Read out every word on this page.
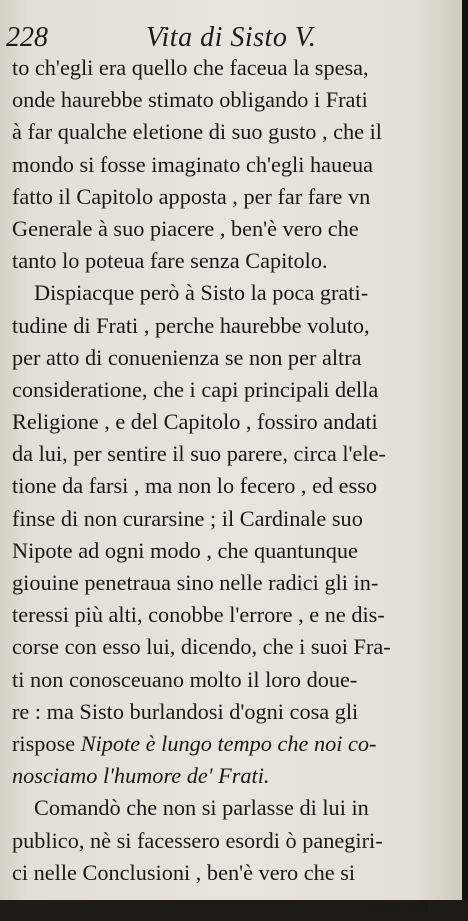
228	Vita di Sisto V.
to ch'egli era quello che faceua la spesa,
onde haurebbe stimato obligando i Frati
à far qualche eletione di suo gusto , che il
mondo si fosse imaginato ch'egli haueua
fatto il Capitolo apposta , per far fare vn
Generale à suo piacere , ben'è vero che
tanto lo poteua fare senza Capitolo.
Dispiacque però à Sisto la poca grati-
tudine di Frati , perche haurebbe voluto,
per atto di conuenienza se non per altra
consideratione, che i capi principali della
Religione , e del Capitolo , fossiro andati
da lui, per sentire il suo parere, circa l'ele-
tione da farsi , ma non lo fecero , ed esso
finse di non curarsine ; il Cardinale suo
Nipote ad ogni modo , che quantunque
giouine penetraua sino nelle radici gli in-
teressi più alti, conobbe l'errore , e ne dis-
corse con esso lui, dicendo, che i suoi Fra-
ti non conosceuano molto il loro doue-
re : ma Sisto burlandosi d'ogni cosa gli
rispose Nipote è lungo tempo che noi co-
nosciamo l'humore de' Frati.
Comandò che non si parlasse di lui in
publico, nè si facessero esordi ò panegiri-
ci nelle Conclusioni , ben'è vero che si
rancon-
